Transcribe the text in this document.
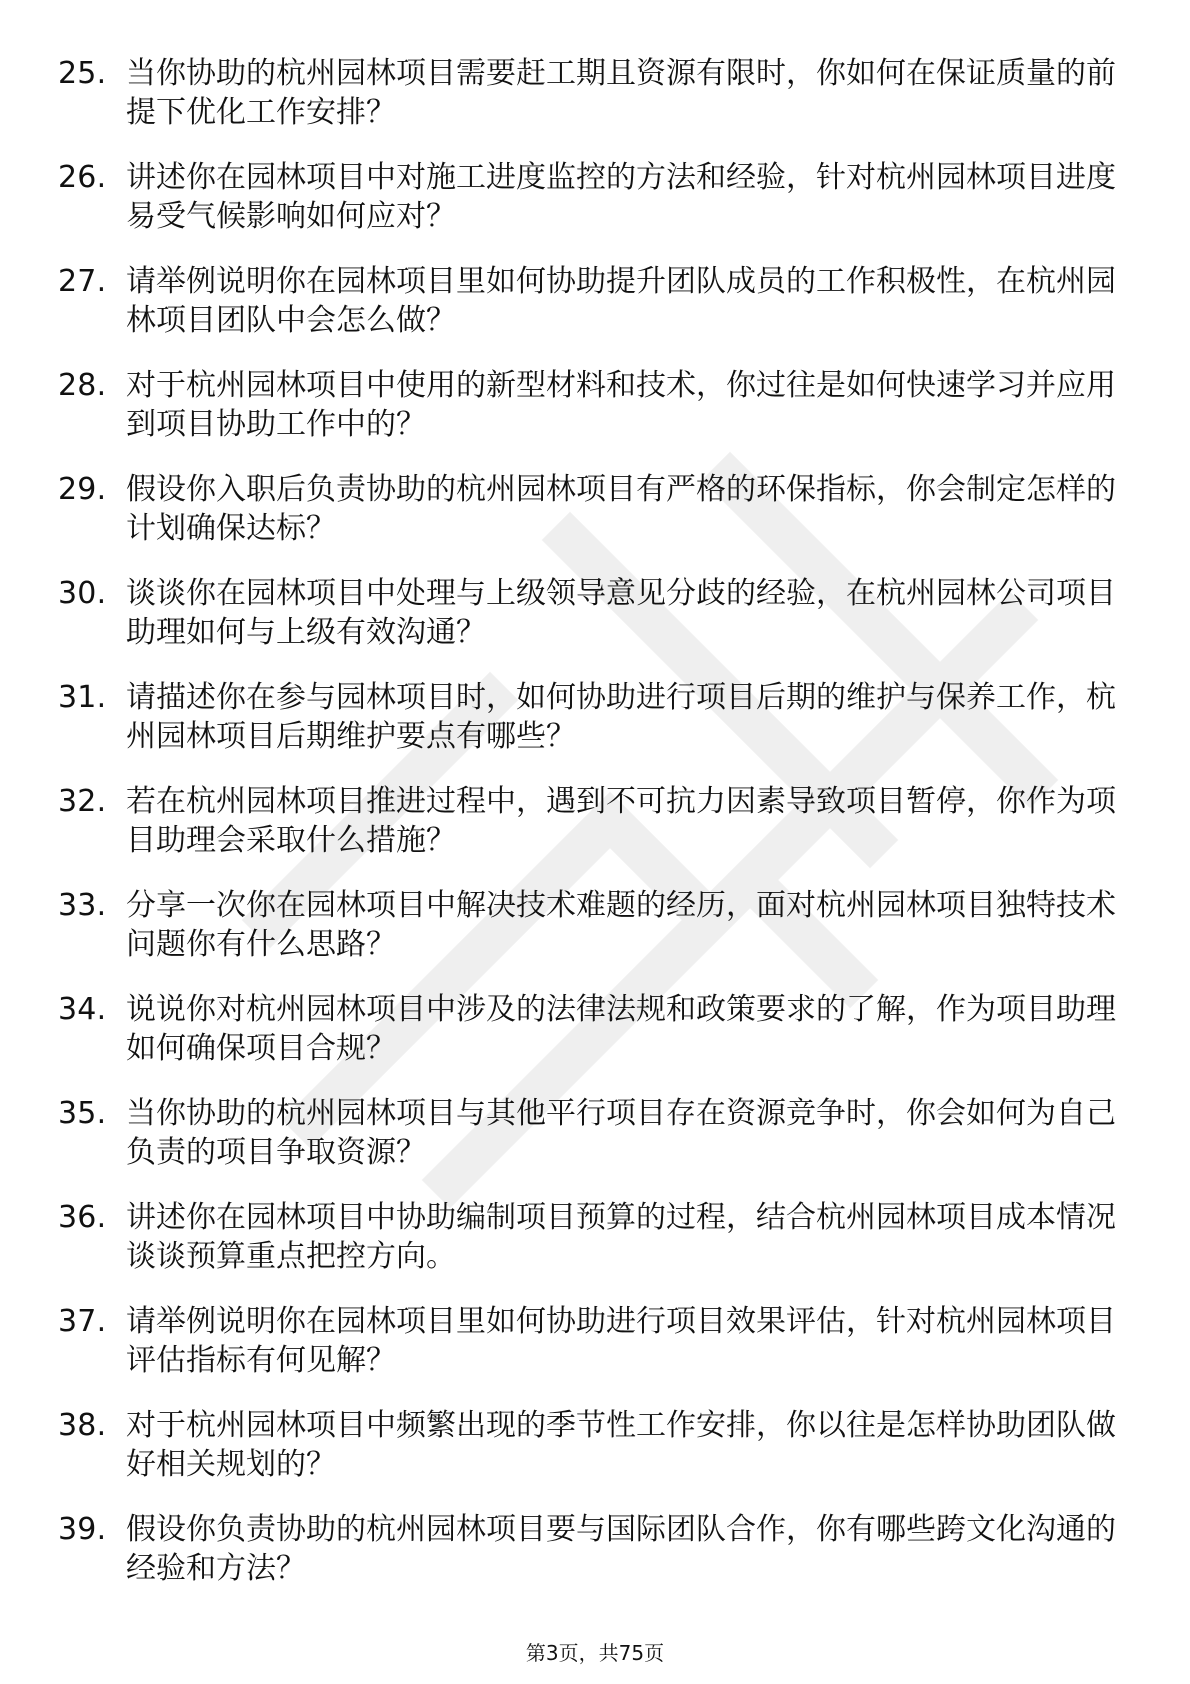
25. 当你协助的杭州园林项目需要赶工期且资源有限时，你如何在保证质量的前提下优化工作安排？
26. 讲述你在园林项目中对施工进度监控的方法和经验，针对杭州园林项目进度易受气候影响如何应对？
27. 请举例说明你在园林项目里如何协助提升团队成员的工作积极性，在杭州园林项目团队中会怎么做？
28. 对于杭州园林项目中使用的新型材料和技术，你过往是如何快速学习并应用到项目协助工作中的？
29. 假设你入职后负责协助的杭州园林项目有严格的环保指标，你会制定怎样的计划确保达标？
30. 谈谈你在园林项目中处理与上级领导意见分歧的经验，在杭州园林公司项目助理如何与上级有效沟通？
31. 请描述你在参与园林项目时，如何协助进行项目后期的维护与保养工作，杭州园林项目后期维护要点有哪些？
32. 若在杭州园林项目推进过程中，遇到不可抗力因素导致项目暂停，你作为项目助理会采取什么措施？
33. 分享一次你在园林项目中解决技术难题的经历，面对杭州园林项目独特技术问题你有什么思路？
34. 说说你对杭州园林项目中涉及的法律法规和政策要求的了解，作为项目助理如何确保项目合规？
35. 当你协助的杭州园林项目与其他平行项目存在资源竞争时，你会如何为自己负责的项目争取资源？
36. 讲述你在园林项目中协助编制项目预算的过程，结合杭州园林项目成本情况谈谈预算重点把控方向。
37. 请举例说明你在园林项目里如何协助进行项目效果评估，针对杭州园林项目评估指标有何见解？
38. 对于杭州园林项目中频繁出现的季节性工作安排，你以往是怎样协助团队做好相关规划的？
39. 假设你负责协助的杭州园林项目要与国际团队合作，你有哪些跨文化沟通的经验和方法？
第3页，共75页
